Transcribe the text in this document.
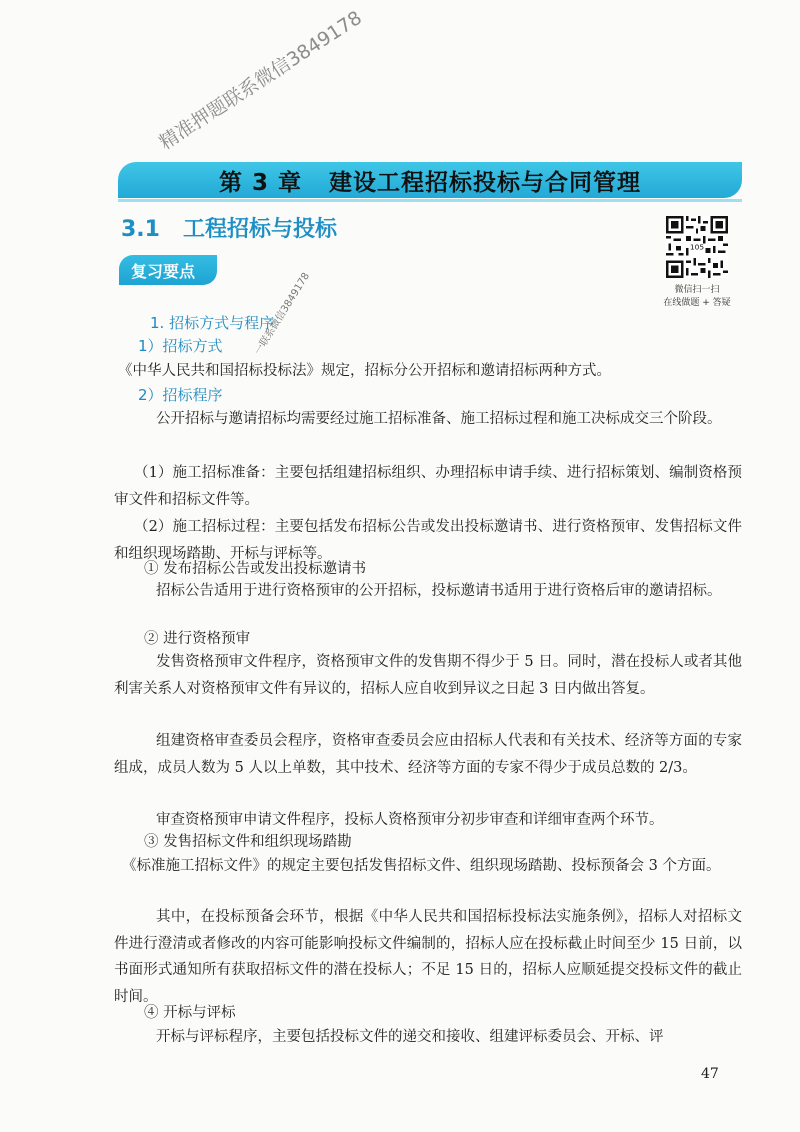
精准押题联系微信3849178
一联系微信3849178
第 3 章   建设工程招标投标与合同管理
3.1   工程招标与投标
105
微信扫一扫
在线做题 + 答疑
复习要点
1. 招标方式与程序
1）招标方式
《中华人民共和国招标投标法》规定，招标分公开招标和邀请招标两种方式。
2）招标程序
公开招标与邀请招标均需要经过施工招标准备、施工招标过程和施工决标成交三个阶段。
（1）施工招标准备：主要包括组建招标组织、办理招标申请手续、进行招标策划、编制资格预审文件和招标文件等。
（2）施工招标过程：主要包括发布招标公告或发出投标邀请书、进行资格预审、发售招标文件和组织现场踏勘、开标与评标等。
① 发布招标公告或发出投标邀请书
招标公告适用于进行资格预审的公开招标，投标邀请书适用于进行资格后审的邀请招标。
② 进行资格预审
发售资格预审文件程序，资格预审文件的发售期不得少于 5 日。同时，潜在投标人或者其他利害关系人对资格预审文件有异议的，招标人应自收到异议之日起 3 日内做出答复。
组建资格审查委员会程序，资格审查委员会应由招标人代表和有关技术、经济等方面的专家组成，成员人数为 5 人以上单数，其中技术、经济等方面的专家不得少于成员总数的 2/3。
审查资格预审申请文件程序，投标人资格预审分初步审查和详细审查两个环节。
③ 发售招标文件和组织现场踏勘
《标准施工招标文件》的规定主要包括发售招标文件、组织现场踏勘、投标预备会 3 个方面。
其中，在投标预备会环节，根据《中华人民共和国招标投标法实施条例》，招标人对招标文件进行澄清或者修改的内容可能影响投标文件编制的，招标人应在投标截止时间至少 15 日前，以书面形式通知所有获取招标文件的潜在投标人；不足 15 日的，招标人应顺延提交投标文件的截止时间。
④ 开标与评标
开标与评标程序，主要包括投标文件的递交和接收、组建评标委员会、开标、评
47
